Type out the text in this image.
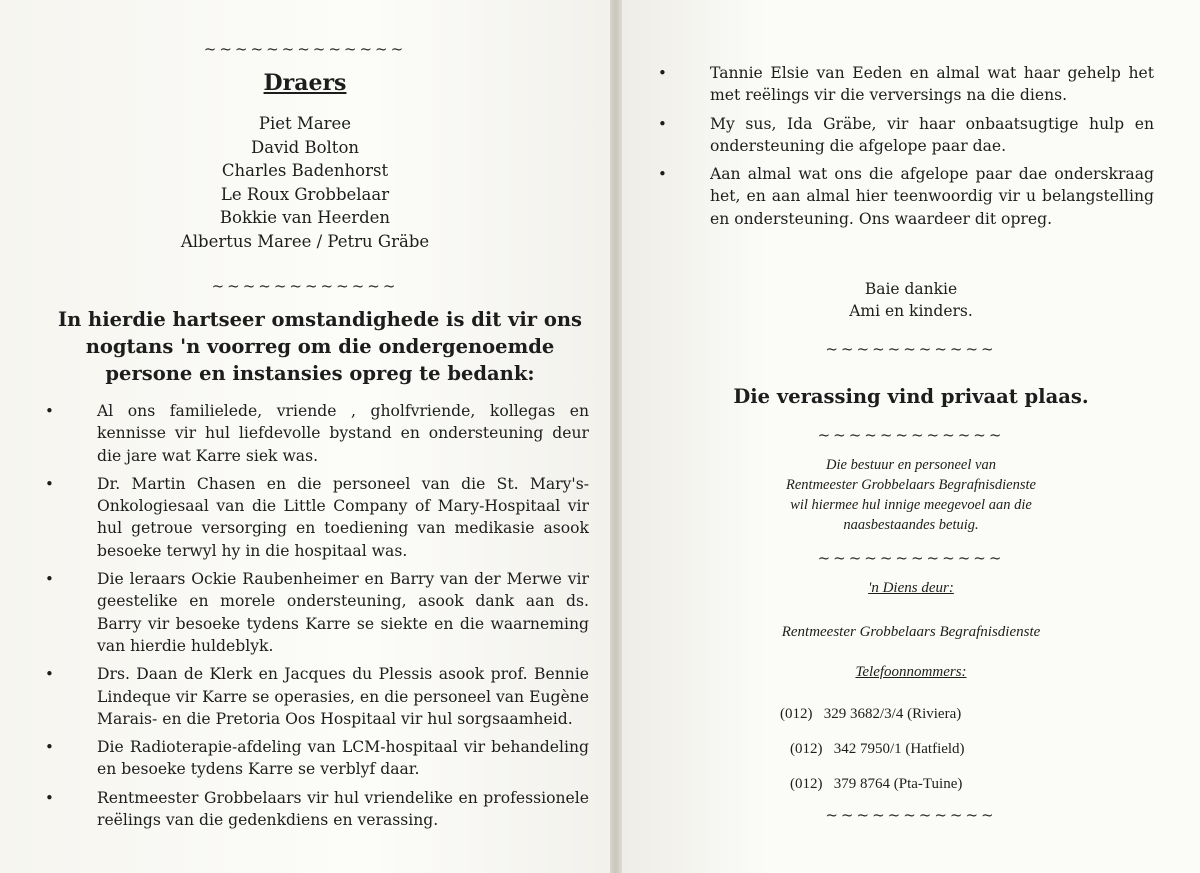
~~~~~~~~~~~~~
Draers
Piet Maree
David Bolton
Charles Badenhorst
Le Roux Grobbelaar
Bokkie van Heerden
Albertus Maree / Petru Gräbe
~~~~~~~~~~~~
In hierdie hartseer omstandighede is dit vir ons nogtans 'n voorreg om die ondergenoemde persone en instansies opreg te bedank:
•	Al ons familielede, vriende , gholfvriende, kollegas en kennisse vir hul liefdevolle bystand en ondersteuning deur die jare wat Karre siek was.
•	Dr. Martin Chasen en die personeel van die St. Mary's-Onkologiesaal van die Little Company of Mary-Hospitaal vir hul getroue versorging en toediening van medikasie asook besoeke terwyl hy in die hospitaal was.
•	Die leraars Ockie Raubenheimer en Barry van der Merwe vir geestelike en morele ondersteuning, asook dank aan ds. Barry vir besoeke tydens Karre se siekte en die waarneming van hierdie huldeblyk.
•	Drs. Daan de Klerk en Jacques du Plessis asook prof. Bennie Lindeque vir Karre se operasies, en die personeel van Eugène Marais- en die Pretoria Oos Hospitaal vir hul sorgsaamheid.
•	Die Radioterapie-afdeling van LCM-hospitaal vir behandeling en besoeke tydens Karre se verblyf daar.
•	Rentmeester Grobbelaars vir hul vriendelike en professionele reëlings van die gedenkdiens en verassing.
•	Tannie Elsie van Eeden en almal wat haar gehelp het met reëlings vir die verversings na die diens.
•	My sus, Ida Gräbe, vir haar onbaatsugtige hulp en ondersteuning die afgelope paar dae.
•	Aan almal wat ons die afgelope paar dae onderskraag het, en aan almal hier teenwoordig vir u belangstelling en ondersteuning. Ons waardeer dit opreg.
Baie dankie
Ami en kinders.
~~~~~~~~~~~
Die verassing vind privaat plaas.
~~~~~~~~~~~~
Die bestuur en personeel van
Rentmeester Grobbelaars Begrafnisdienste
wil hiermee hul innige meegevoel aan die
naasbestaandes betuig.
~~~~~~~~~~~~
'n Diens deur:
Rentmeester Grobbelaars Begrafnisdienste
Telefoonnommers:
(012) 329 3682/3/4 (Riviera)
(012) 342 7950/1 (Hatfield)
(012) 379 8764 (Pta-Tuine)
~~~~~~~~~~~
